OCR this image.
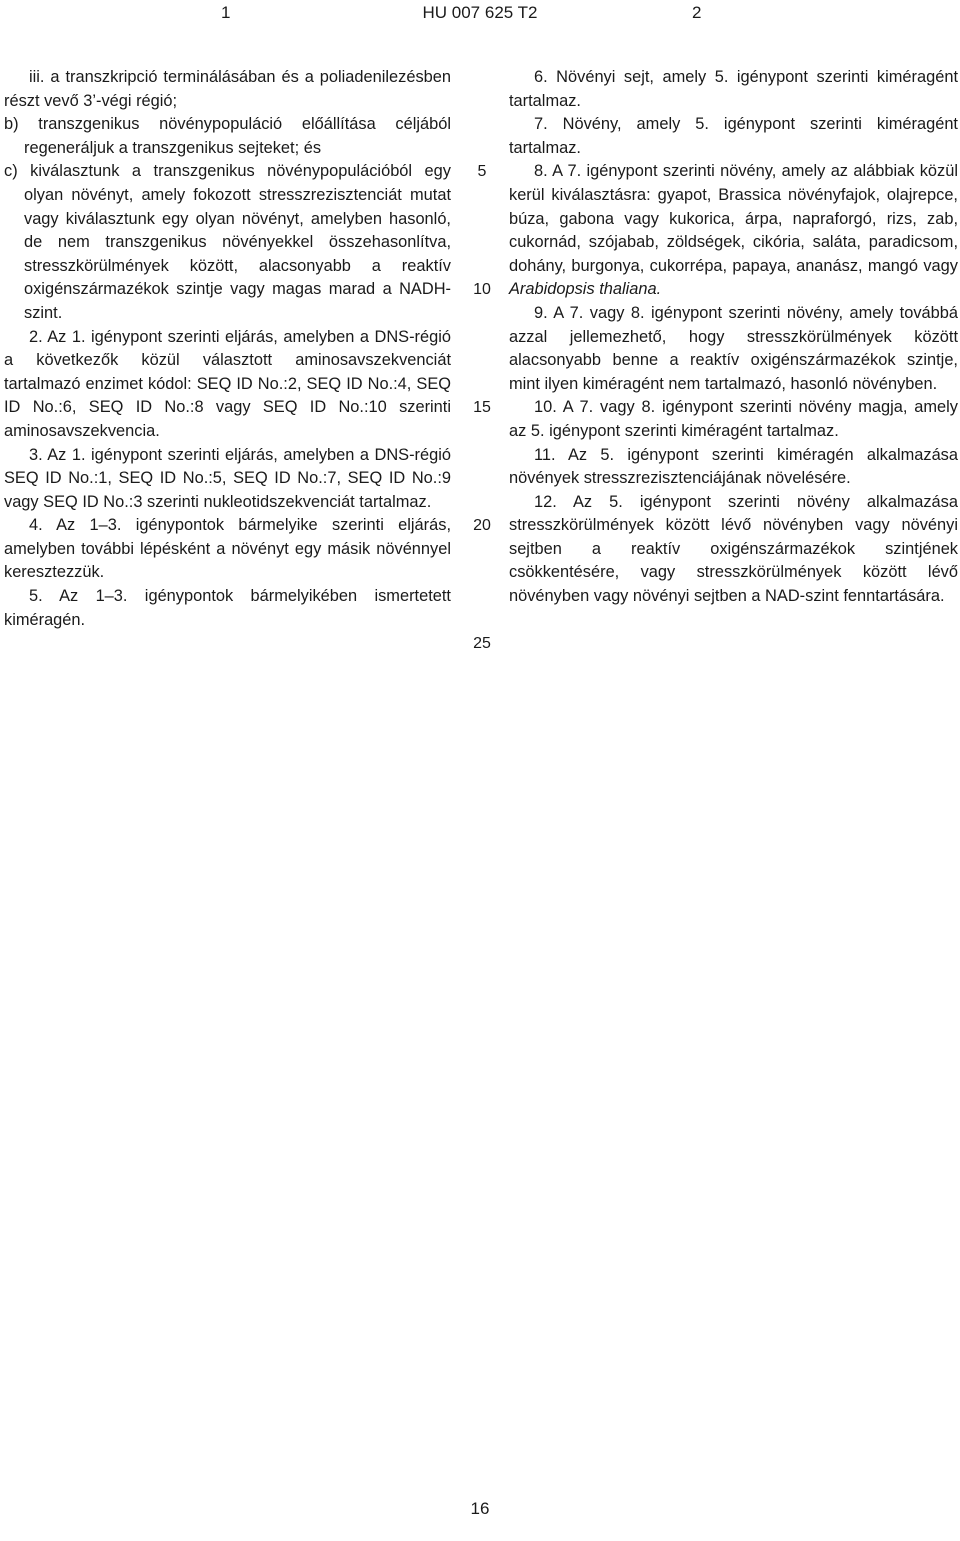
1	HU 007 625 T2	2

iii. a transzkripció terminálásában és a poliadenilezésben részt vevő 3’-végi régió;

b) transzgenikus növénypopuláció előállítása céljából regeneráljuk a transzgenikus sejteket; és

c) kiválasztunk a transzgenikus növénypopulációból egy olyan növényt, amely fokozott stresszrezisztenciát mutat vagy kiválasztunk egy olyan növényt, amelyben hasonló, de nem transzgenikus növényekkel összehasonlítva, stresszkörülmények között, alacsonyabb a reaktív oxigénszármazékok szintje vagy magas marad a NADH-szint.

2. Az 1. igénypont szerinti eljárás, amelyben a DNS-régió a következők közül választott aminosavszekvenciát tartalmazó enzimet kódol: SEQ ID No.:2, SEQ ID No.:4, SEQ ID No.:6, SEQ ID No.:8 vagy SEQ ID No.:10 szerinti aminosavszekvencia.

3. Az 1. igénypont szerinti eljárás, amelyben a DNS-régió SEQ ID No.:1, SEQ ID No.:5, SEQ ID No.:7, SEQ ID No.:9 vagy SEQ ID No.:3 szerinti nukleotidszekvenciát tartalmaz.

4. Az 1–3. igénypontok bármelyike szerinti eljárás, amelyben további lépésként a növényt egy másik növénnyel keresztezzük.

5. Az 1–3. igénypontok bármelyikében ismertetett kiméragén.

5
10
15
20
25

6. Növényi sejt, amely 5. igénypont szerinti kiméragént tartalmaz.

7. Növény, amely 5. igénypont szerinti kiméragént tartalmaz.

8. A 7. igénypont szerinti növény, amely az alábbiak közül kerül kiválasztásra: gyapot, Brassica növényfajok, olajrepce, búza, gabona vagy kukorica, árpa, napraforgó, rizs, zab, cukornád, szójabab, zöldségek, cikória, saláta, paradicsom, dohány, burgonya, cukorrépa, papaya, ananász, mangó vagy Arabidopsis thaliana.

9. A 7. vagy 8. igénypont szerinti növény, amely továbbá azzal jellemezhető, hogy stresszkörülmények között alacsonyabb benne a reaktív oxigénszármazékok szintje, mint ilyen kiméragént nem tartalmazó, hasonló növényben.

10. A 7. vagy 8. igénypont szerinti növény magja, amely az 5. igénypont szerinti kiméragént tartalmaz.

11. Az 5. igénypont szerinti kiméragén alkalmazása növények stresszrezisztenciájának növelésére.

12. Az 5. igénypont szerinti növény alkalmazása stresszkörülmények között lévő növényben vagy növényi sejtben a reaktív oxigénszármazékok szintjének csökkentésére, vagy stresszkörülmények között lévő növényben vagy növényi sejtben a NAD-szint fenntartására.

16
